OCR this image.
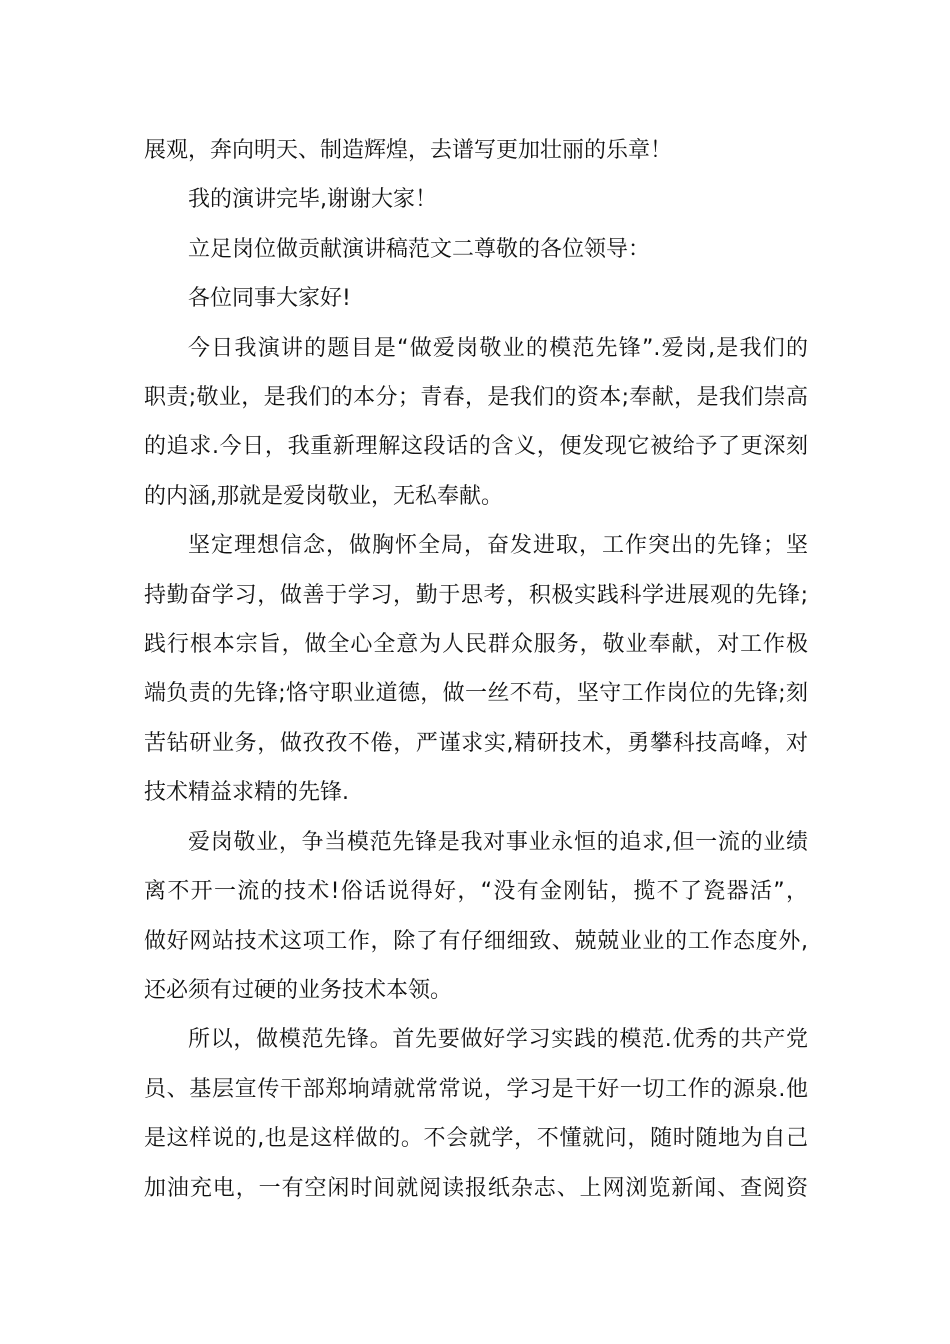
展观，奔向明天、制造辉煌，去谱写更加壮丽的乐章！

我的演讲完毕,谢谢大家！

立足岗位做贡献演讲稿范文二尊敬的各位领导：

各位同事大家好!

今日我演讲的题目是“做爱岗敬业的模范先锋”.爱岗,是我们的
职责;敬业，是我们的本分；青春，是我们的资本;奉献，是我们崇高
的追求.今日，我重新理解这段话的含义，便发现它被给予了更深刻
的内涵,那就是爱岗敬业，无私奉献。

坚定理想信念，做胸怀全局，奋发进取，工作突出的先锋；坚
持勤奋学习，做善于学习，勤于思考，积极实践科学进展观的先锋;
践行根本宗旨，做全心全意为人民群众服务，敬业奉献，对工作极
端负责的先锋;恪守职业道德，做一丝不苟，坚守工作岗位的先锋;刻
苦钻研业务，做孜孜不倦，严谨求实,精研技术，勇攀科技高峰，对
技术精益求精的先锋.

爱岗敬业，争当模范先锋是我对事业永恒的追求,但一流的业绩
离不开一流的技术!俗话说得好，“没有金刚钻，揽不了瓷器活”，
做好网站技术这项工作，除了有仔细细致、兢兢业业的工作态度外,
还必须有过硬的业务技术本领。

所以，做模范先锋。首先要做好学习实践的模范.优秀的共产党
员、基层宣传干部郑垧靖就常常说，学习是干好一切工作的源泉.他
是这样说的,也是这样做的。不会就学，不懂就问，随时随地为自己
加油充电，一有空闲时间就阅读报纸杂志、上网浏览新闻、查阅资
